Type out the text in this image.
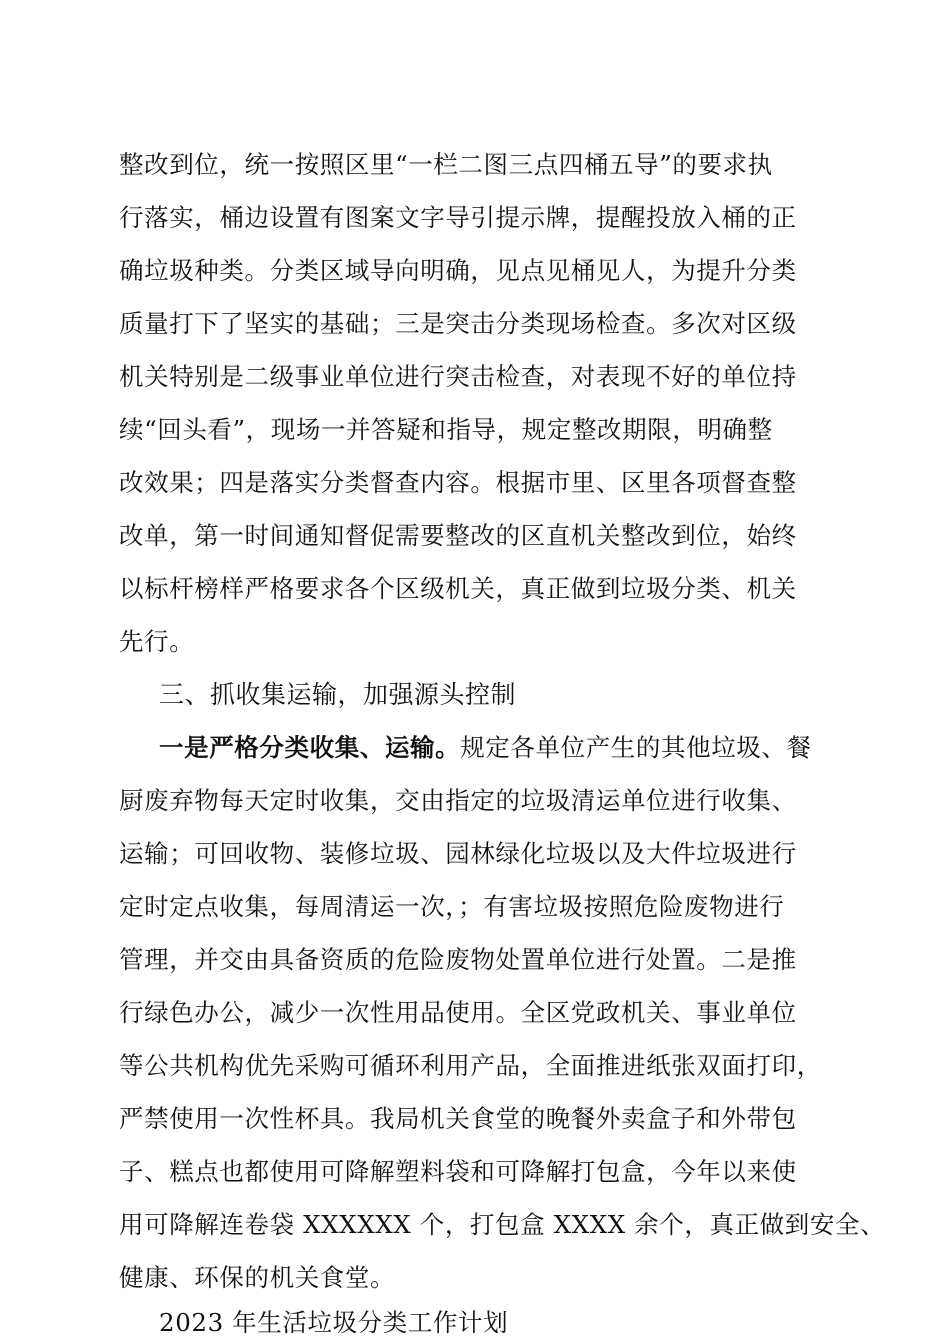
整改到位，统一按照区里“一栏二图三点四桶五导”的要求执
行落实，桶边设置有图案文字导引提示牌，提醒投放入桶的正
确垃圾种类。分类区域导向明确，见点见桶见人，为提升分类
质量打下了坚实的基础；三是突击分类现场检查。多次对区级
机关特别是二级事业单位进行突击检查，对表现不好的单位持
续“回头看”，现场一并答疑和指导，规定整改期限，明确整
改效果；四是落实分类督查内容。根据市里、区里各项督查整
改单，第一时间通知督促需要整改的区直机关整改到位，始终
以标杆榜样严格要求各个区级机关，真正做到垃圾分类、机关
先行。
三、抓收集运输，加强源头控制
一是严格分类收集、运输。规定各单位产生的其他垃圾、餐
厨废弃物每天定时收集，交由指定的垃圾清运单位进行收集、
运输；可回收物、装修垃圾、园林绿化垃圾以及大件垃圾进行
定时定点收集，每周清运一次，；有害垃圾按照危险废物进行
管理，并交由具备资质的危险废物处置单位进行处置。二是推
行绿色办公，减少一次性用品使用。全区党政机关、事业单位
等公共机构优先采购可循环利用产品，全面推进纸张双面打印，
严禁使用一次性杯具。我局机关食堂的晚餐外卖盒子和外带包
子、糕点也都使用可降解塑料袋和可降解打包盒，今年以来使
用可降解连卷袋 XXXXXX 个，打包盒 XXXX 余个，真正做到安全、
健康、环保的机关食堂。
2023 年生活垃圾分类工作计划
